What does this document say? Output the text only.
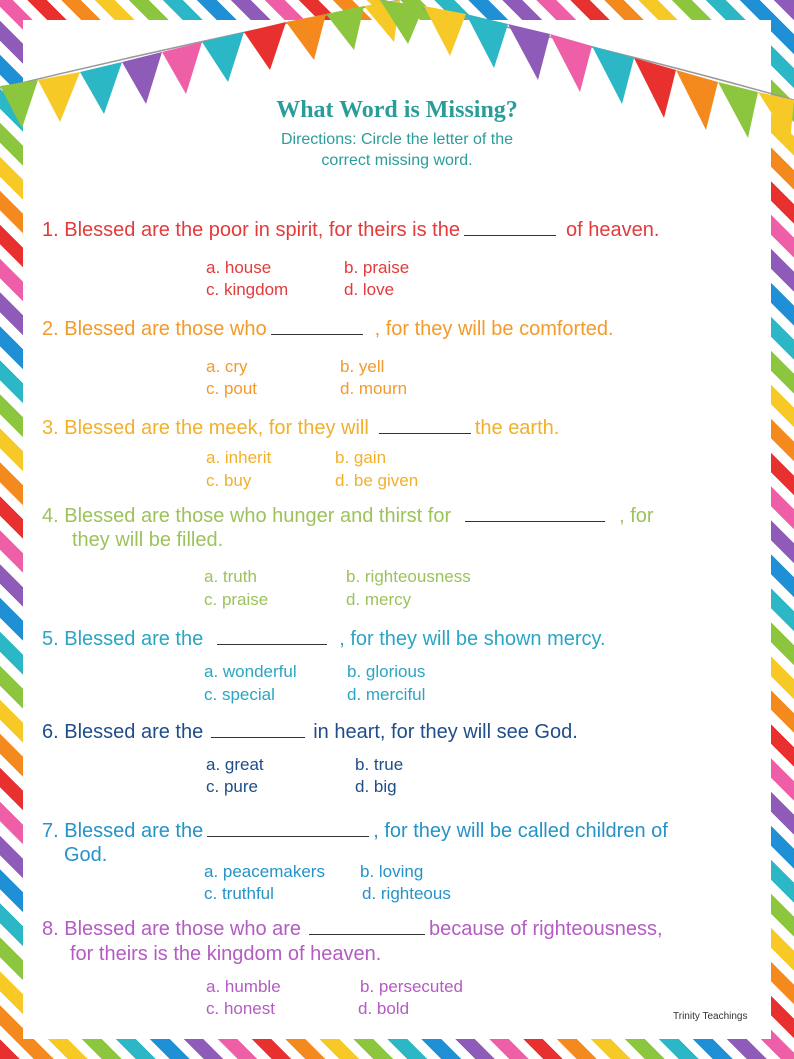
What Word is Missing?
Directions: Circle the letter of the
correct missing word.
1. Blessed are the poor in spirit, for theirs is the	of heaven.
a. house	b. praise
c. kingdom	d. love
2. Blessed are those who	, for they will be comforted.
a. cry	b. yell
c. pout	d. mourn
3. Blessed are the meek, for they will	the earth.
a. inherit	b. gain
c. buy	d. be given
4. Blessed are those who hunger and thirst for	, for
they will be filled.
a. truth	b. righteousness
c. praise	d. mercy
5. Blessed are the	, for they will be shown mercy.
a. wonderful	b. glorious
c. special	d. merciful
6. Blessed are the	in heart, for they will see God.
a. great	b. true
c. pure	d. big
7. Blessed are the	, for they will be called children of
God.
a. peacemakers b. loving
c. truthful	d. righteous
8. Blessed are those who are	because of righteousness,
for theirs is the kingdom of heaven.
a. humble	b. persecuted
c. honest	d. bold	Trinity Teachings
